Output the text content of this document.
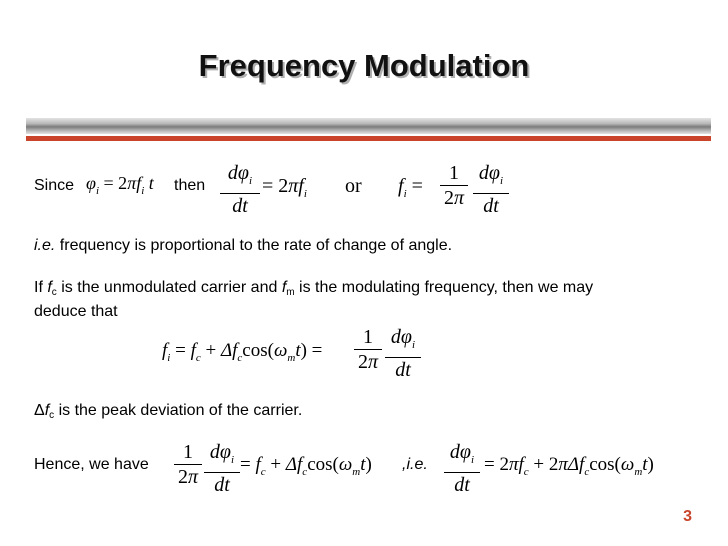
Frequency Modulation
Since $\varphi_i = 2\pi f_i$ t then
$d\varphi_i$
dt
= $2\pi f_i$ or $f_i$ =
1
2π
$d\varphi_i$
dt
i.e. frequency is proportional to the rate of change of angle.
If $f_c$ is the unmodulated carrier and $f_m$ is the modulating frequency, then we may
deduce that
$f_i = f_c + \Delta f_c\cos(\omega_mt)$ =
1
2π
$d\varphi_i$
dt
$\Delta f_c$ is the peak deviation of the carrier.
Hence, we have
1
2π
$d\varphi_i$
dt
= $f_c + \Delta f_c\cos(\omega_mt)$ ,i.e.
$d\varphi_i$
dt
= $2\pi f_c + 2\pi\Delta f_c\cos(\omega_mt)$
3
